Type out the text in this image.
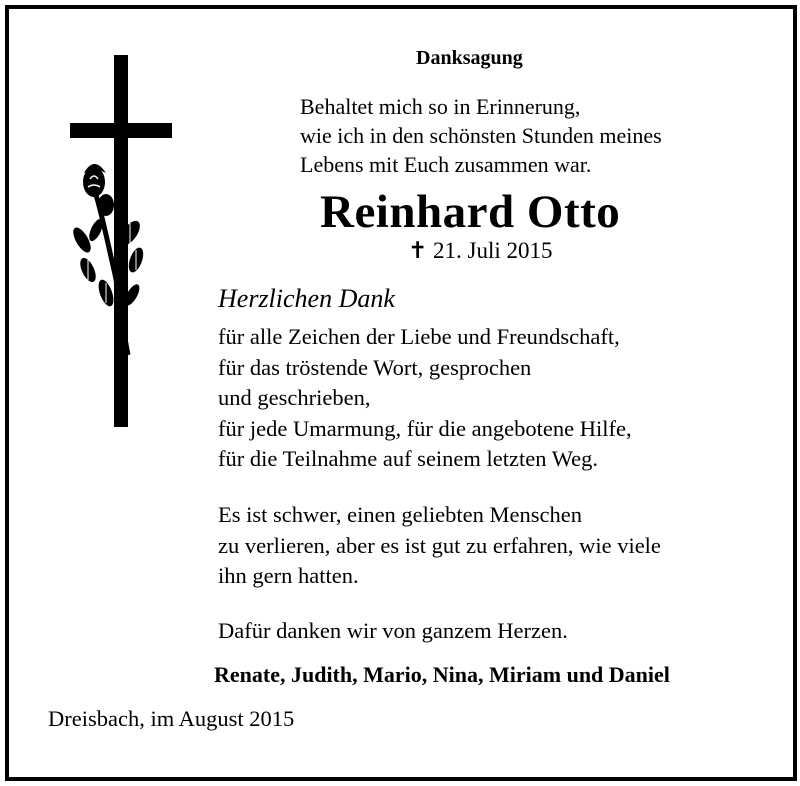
Danksagung
Behaltet mich so in Erinnerung,
wie ich in den schönsten Stunden meines
Lebens mit Euch zusammen war.
Reinhard Otto
✝ 21. Juli 2015
Herzlichen Dank
für alle Zeichen der Liebe und Freundschaft,
für das tröstende Wort, gesprochen
und geschrieben,
für jede Umarmung, für die angebotene Hilfe,
für die Teilnahme auf seinem letzten Weg.
Es ist schwer, einen geliebten Menschen
zu verlieren, aber es ist gut zu erfahren, wie viele
ihn gern hatten.
Dafür danken wir von ganzem Herzen.
Renate, Judith, Mario, Nina, Miriam und Daniel
Dreisbach, im August 2015
